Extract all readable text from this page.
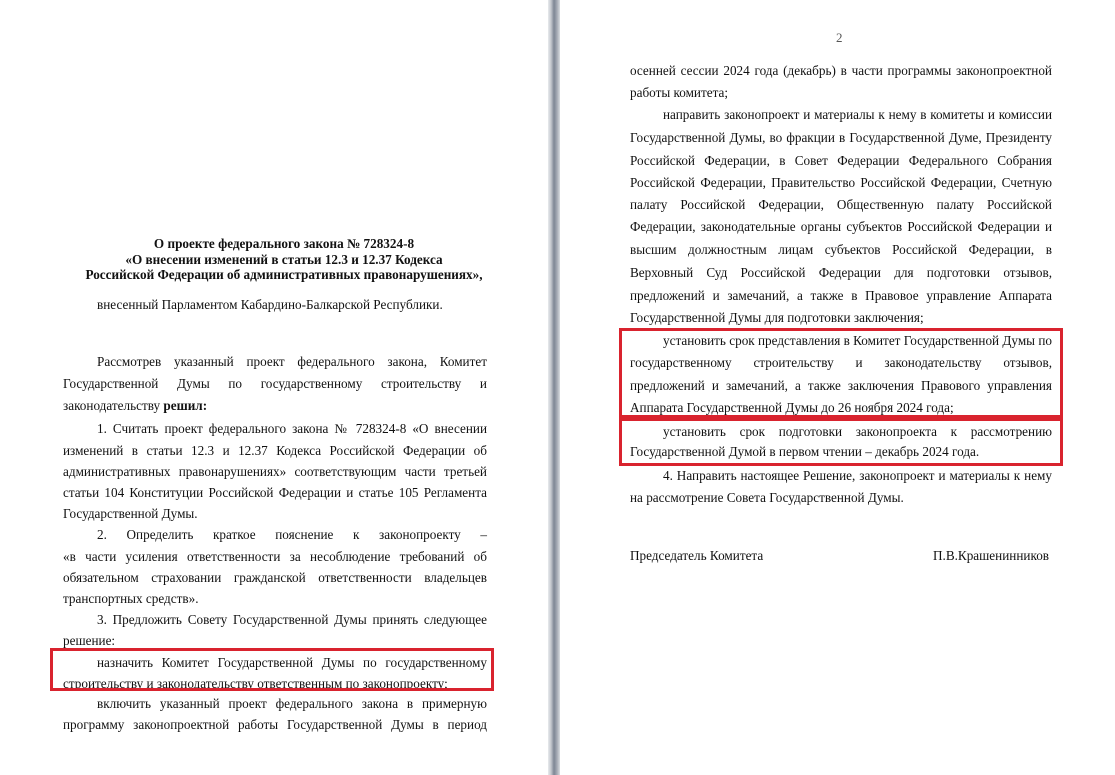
О проекте федерального закона № 728324-8
«О внесении изменений в статьи 12.3 и 12.37 Кодекса
Российской Федерации об административных правонарушениях»,
внесенный Парламентом Кабардино-Балкарской Республики.
Рассмотрев указанный проект федерального закона, Комитет
Государственной Думы по государственному строительству и
законодательству решил:
1. Считать проект федерального закона № 728324-8 «О внесении
изменений в статьи 12.3 и 12.37 Кодекса Российской Федерации об
административных правонарушениях» соответствующим части третьей
статьи 104 Конституции Российской Федерации и статье 105 Регламента
Государственной Думы.
2. Определить краткое пояснение к законопроекту –
«в части усиления ответственности за несоблюдение требований об
обязательном страховании гражданской ответственности владельцев
транспортных средств».
3. Предложить Совету Государственной Думы принять следующее
решение:
назначить Комитет Государственной Думы по государственному
строительству и законодательству ответственным по законопроекту;
включить указанный проект федерального закона в примерную
программу законопроектной работы Государственной Думы в период
2
осенней сессии 2024 года (декабрь) в части программы законопроектной
работы комитета;
направить законопроект и материалы к нему в комитеты и комиссии
Государственной Думы, во фракции в Государственной Думе, Президенту
Российской Федерации, в Совет Федерации Федерального Собрания
Российской Федерации, Правительство Российской Федерации, Счетную
палату Российской Федерации, Общественную палату Российской
Федерации, законодательные органы субъектов Российской Федерации и
высшим должностным лицам субъектов Российской Федерации, в
Верховный Суд Российской Федерации для подготовки отзывов,
предложений и замечаний, а также в Правовое управление Аппарата
Государственной Думы для подготовки заключения;
установить срок представления в Комитет Государственной Думы по
государственному строительству и законодательству отзывов,
предложений и замечаний, а также заключения Правового управления
Аппарата Государственной Думы до 26 ноября 2024 года;
установить срок подготовки законопроекта к рассмотрению
Государственной Думой в первом чтении – декабрь 2024 года.
4. Направить настоящее Решение, законопроект и материалы к нему
на рассмотрение Совета Государственной Думы.
Председатель Комитета	П.В.Крашенинников
